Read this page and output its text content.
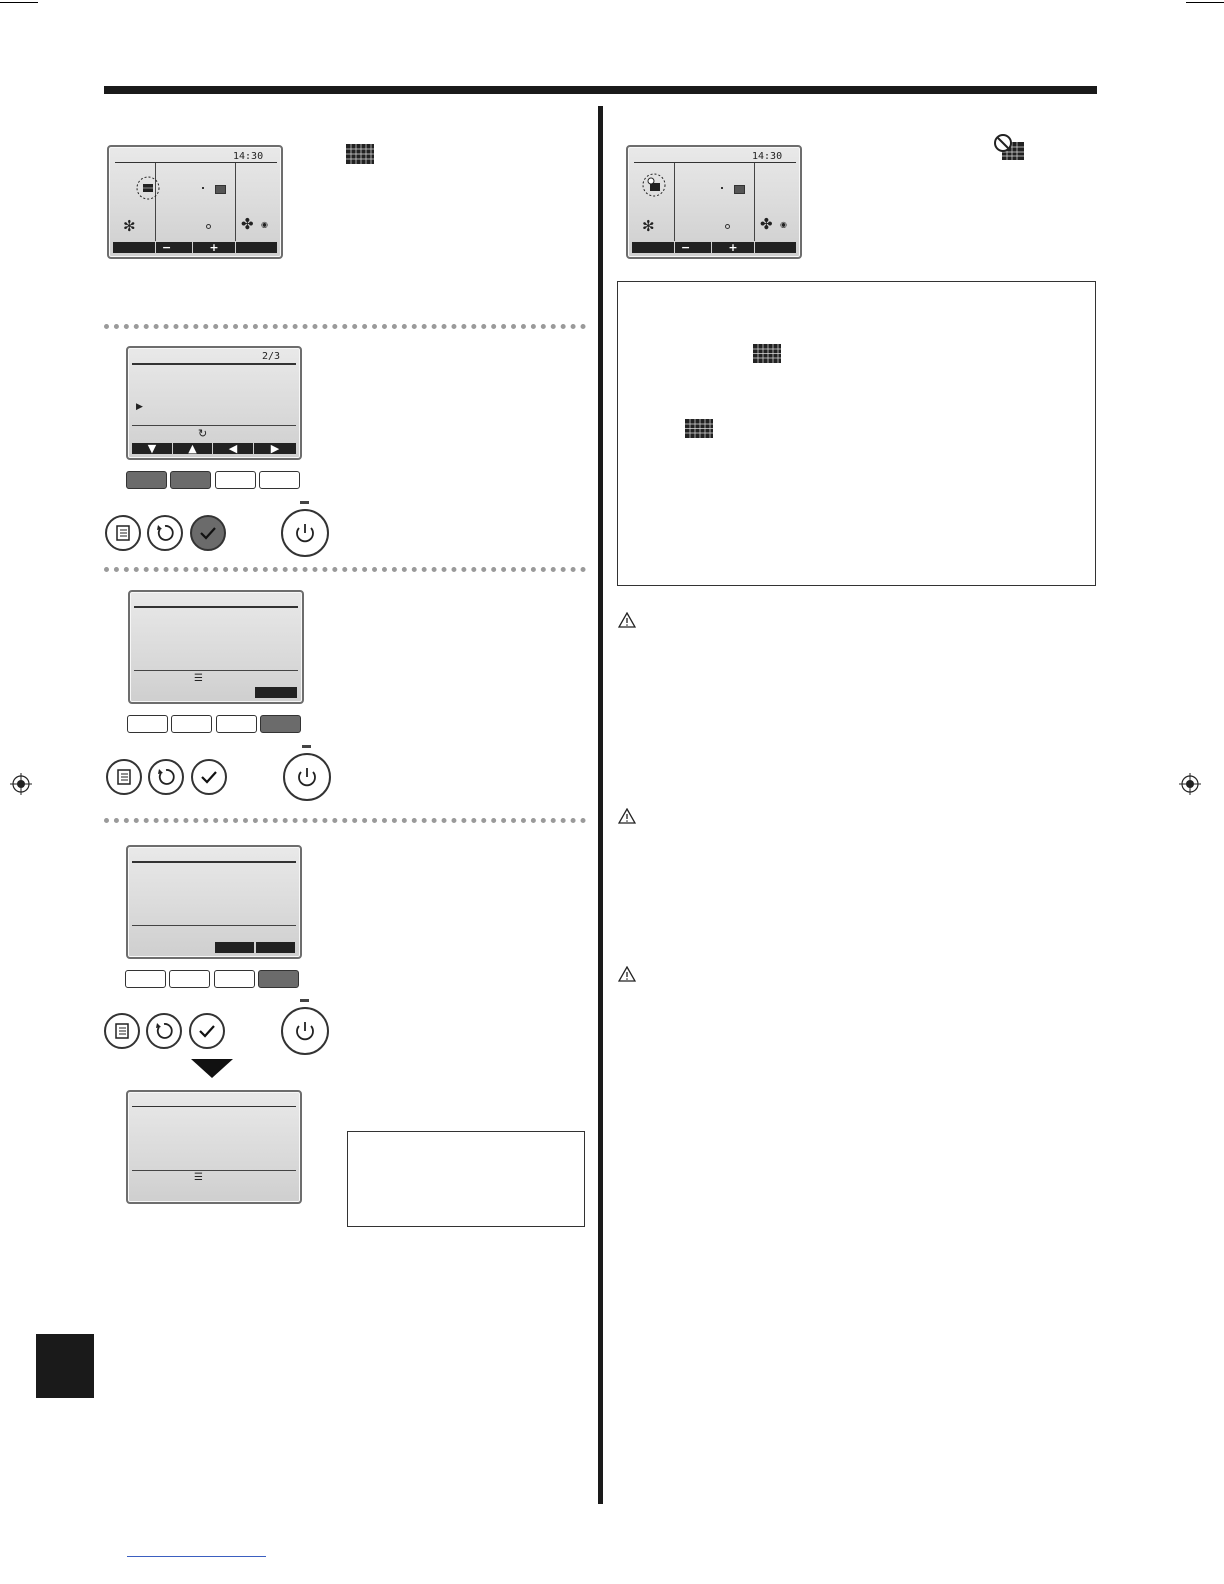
14:30
✻	✤ ◉
−	+
2/3
▶
↻
▼	▲	◀	▶
☰
☰
14:30
✻	✤ ◉
−	+
